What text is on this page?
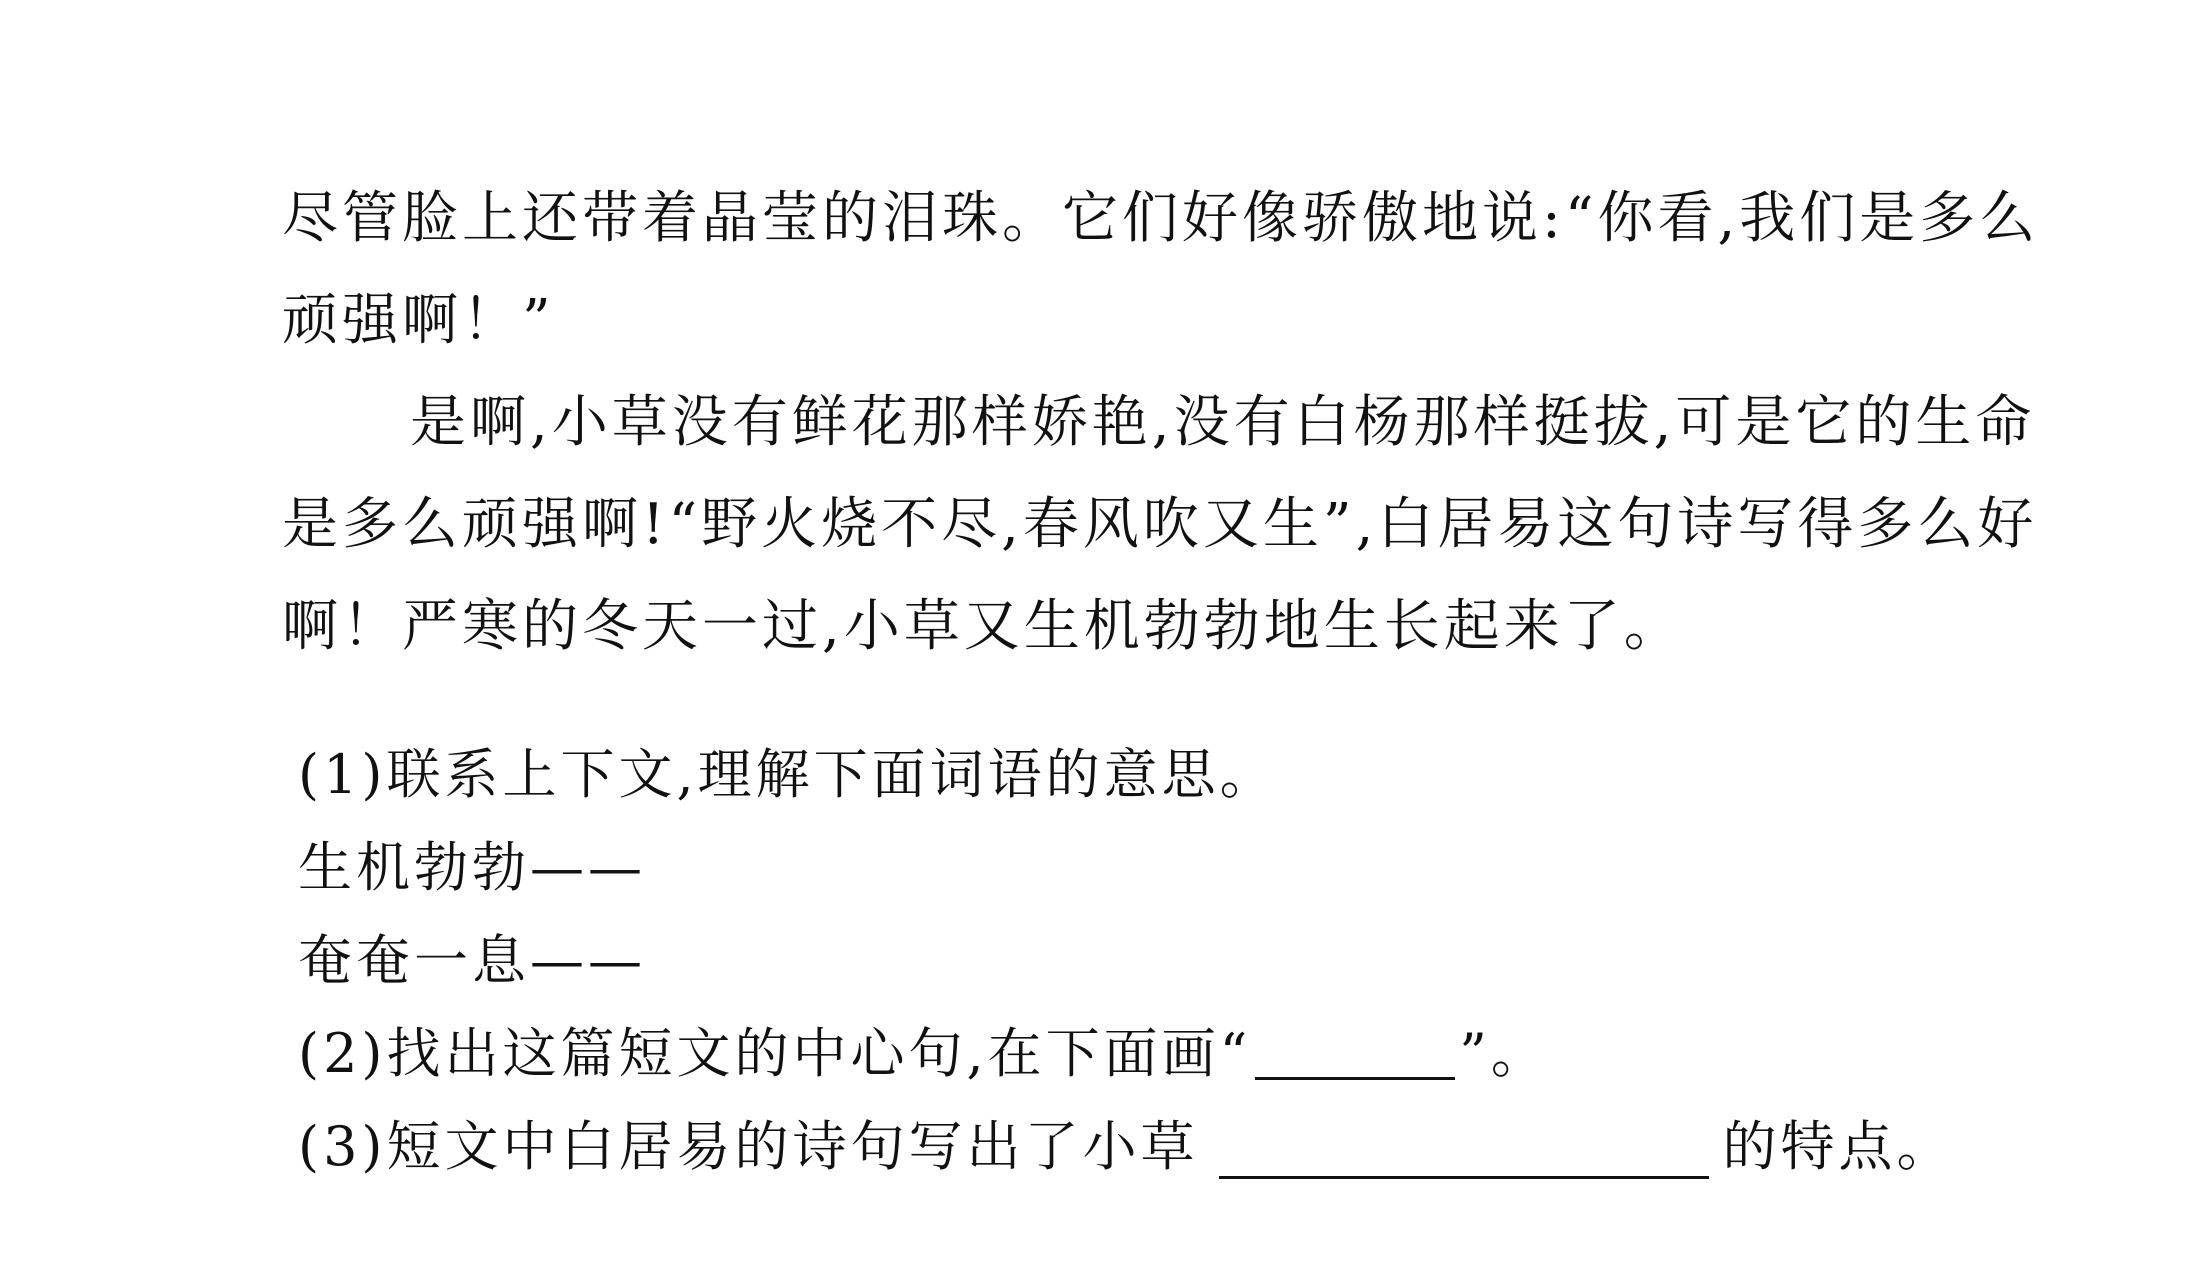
尽管脸上还带着晶莹的泪珠。它们好像骄傲地说:“你看,我们是多么
顽强啊！”
是啊,小草没有鲜花那样娇艳,没有白杨那样挺拔,可是它的生命
是多么顽强啊!“野火烧不尽,春风吹又生”,白居易这句诗写得多么好
啊！严寒的冬天一过,小草又生机勃勃地生长起来了。
(1)联系上下文,理解下面词语的意思。
生机勃勃——
奄奄一息——
(2)找出这篇短文的中心句,在下面画“	”。
(3)短文中白居易的诗句写出了小草	的特点。
